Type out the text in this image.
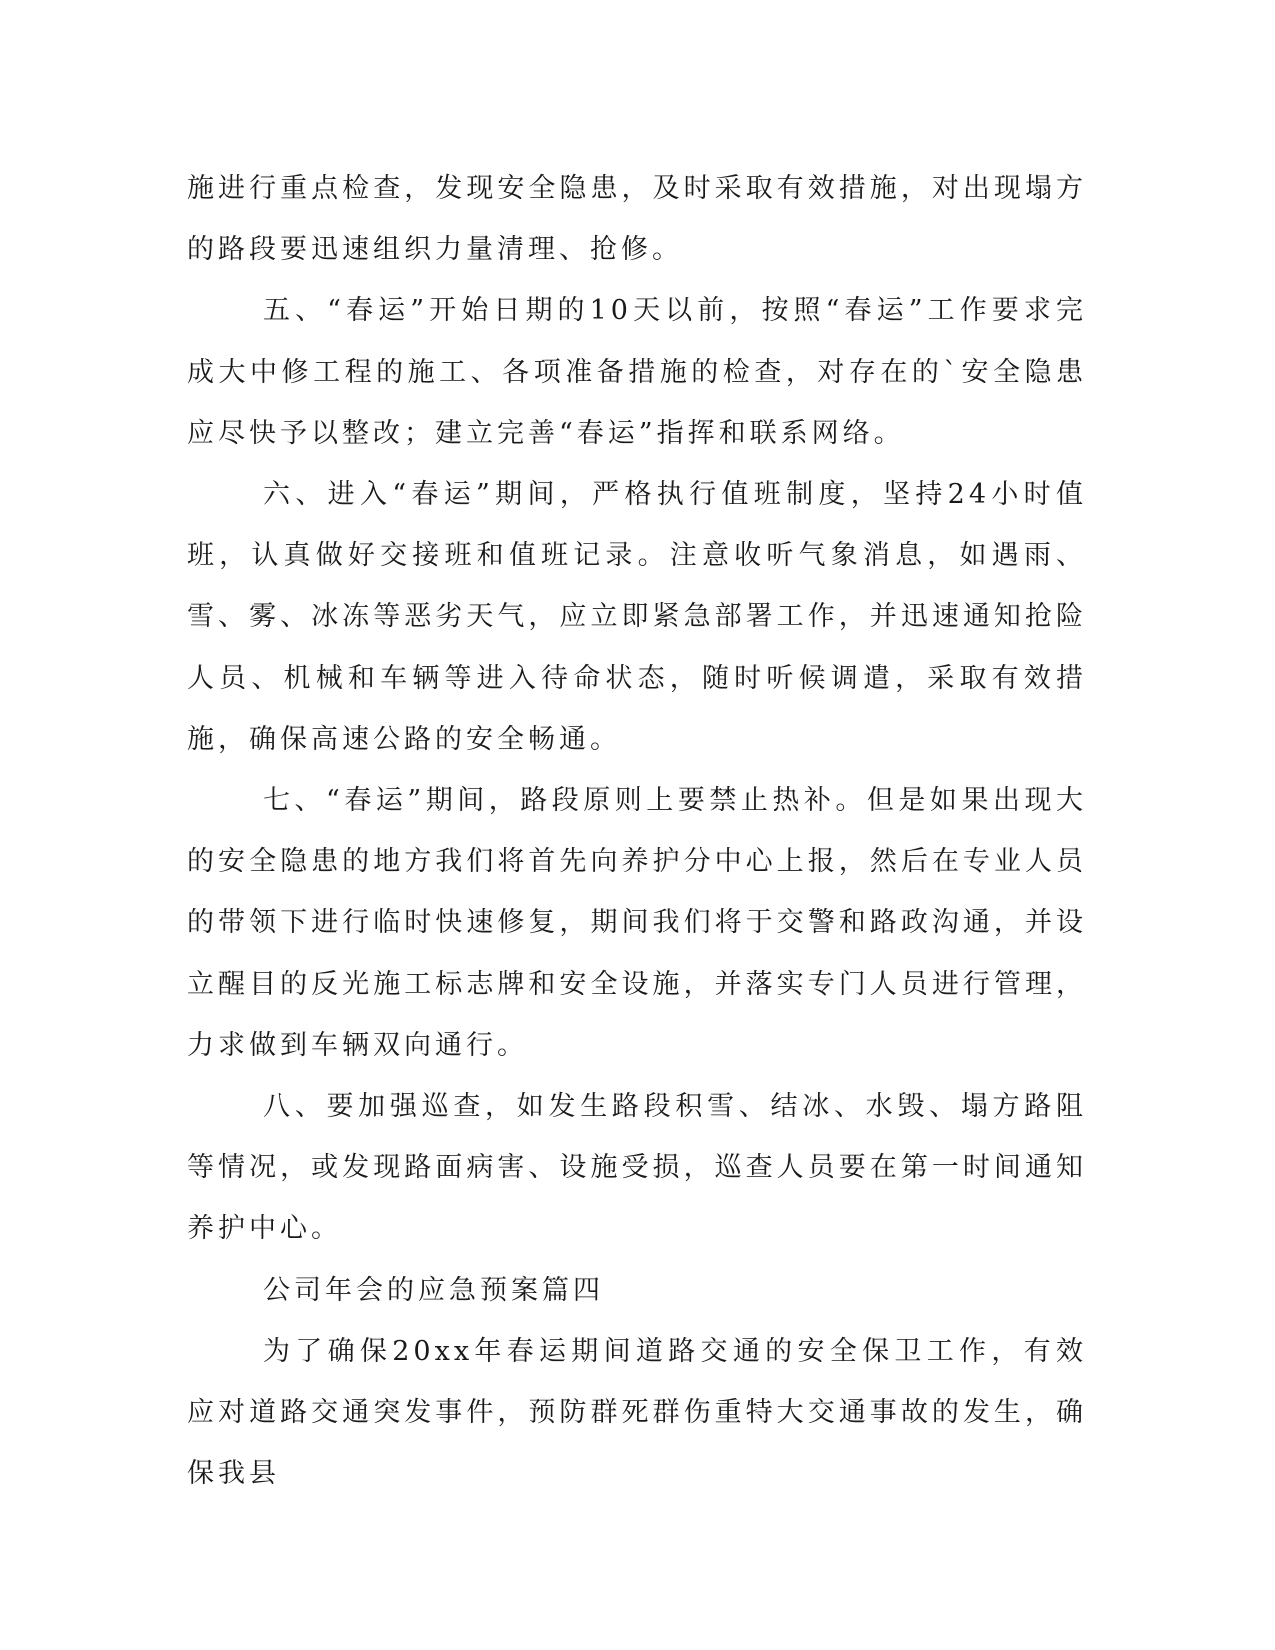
施进行重点检查，发现安全隐患，及时采取有效措施，对出现塌方的路段要迅速组织力量清理、抢修。

五、“春运”开始日期的10天以前，按照“春运”工作要求完成大中修工程的施工、各项准备措施的检查，对存在的`安全隐患应尽快予以整改；建立完善“春运”指挥和联系网络。

六、进入“春运”期间，严格执行值班制度，坚持24小时值班，认真做好交接班和值班记录。注意收听气象消息，如遇雨、雪、雾、冰冻等恶劣天气，应立即紧急部署工作，并迅速通知抢险人员、机械和车辆等进入待命状态，随时听候调遣，采取有效措施，确保高速公路的安全畅通。

七、“春运”期间，路段原则上要禁止热补。但是如果出现大的安全隐患的地方我们将首先向养护分中心上报，然后在专业人员的带领下进行临时快速修复，期间我们将于交警和路政沟通，并设立醒目的反光施工标志牌和安全设施，并落实专门人员进行管理，力求做到车辆双向通行。

八、要加强巡查，如发生路段积雪、结冰、水毁、塌方路阻等情况，或发现路面病害、设施受损，巡查人员要在第一时间通知养护中心。

公司年会的应急预案篇四

为了确保20xx年春运期间道路交通的安全保卫工作，有效应对道路交通突发事件，预防群死群伤重特大交通事故的发生，确保我县
